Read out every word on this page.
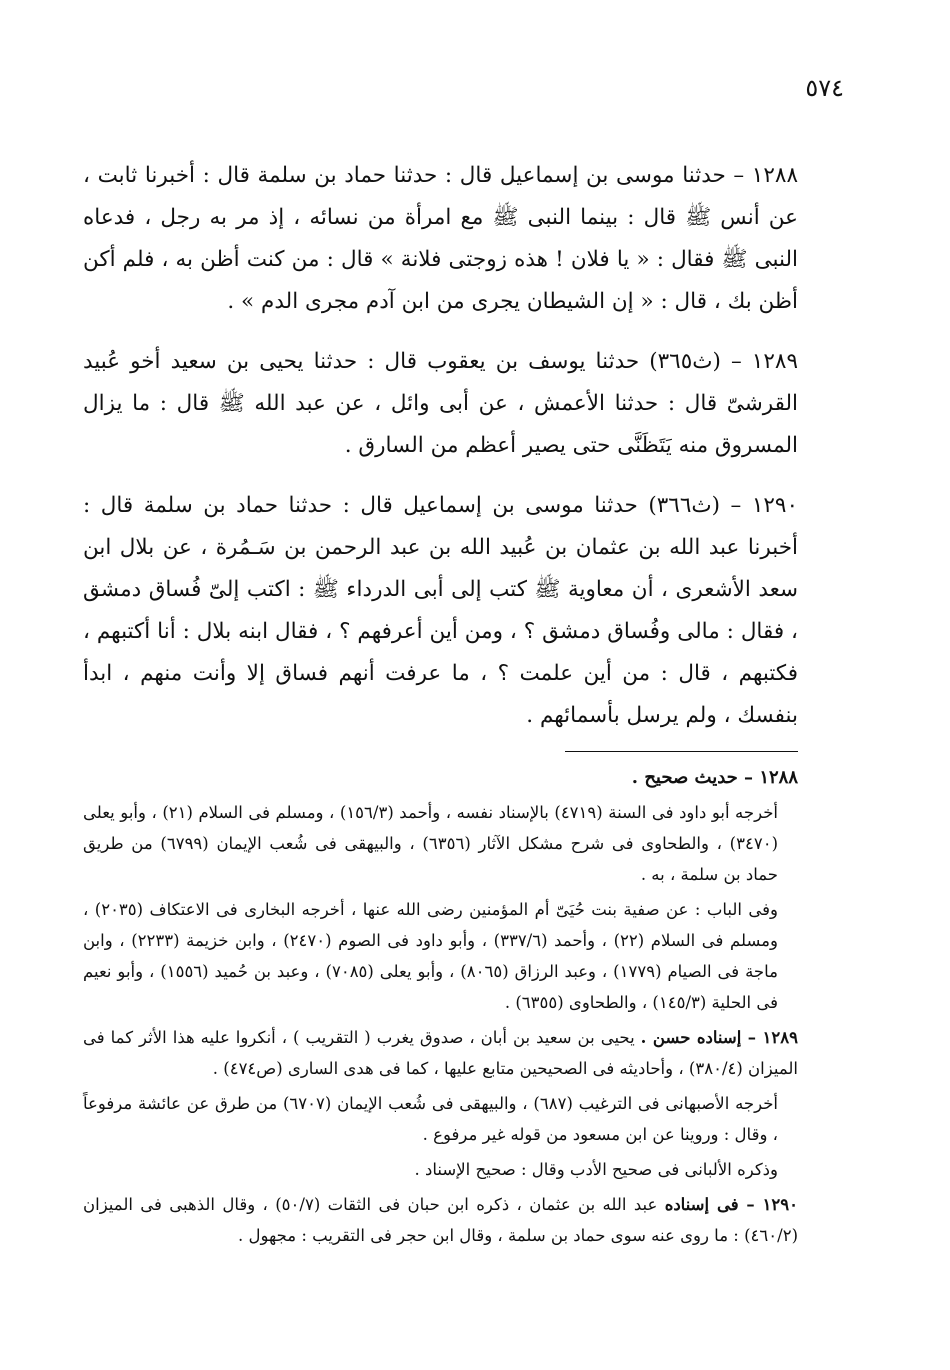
٥٧٤

١٢٨٨ – حدثنا موسى بن إسماعيل قال : حدثنا حماد بن سلمة قال : أخبرنا ثابت ، عن أنس ﷺ قال : بينما النبى ﷺ مع امرأة من نسائه ، إذ مر به رجل ، فدعاه النبى ﷺ فقال : « يا فلان ! هذه زوجتى فلانة » قال : من كنت أظن به ، فلم أكن أظن بك ، قال : « إن الشيطان يجرى من ابن آدم مجرى الدم » .

١٢٨٩ – (ث٣٦٥) حدثنا يوسف بن يعقوب قال : حدثنا يحيى بن سعيد أخو عُبيد القرشىّ قال : حدثنا الأعمش ، عن أبى وائل ، عن عبد الله ﷺ قال : ما يزال المسروق منه يَتَظَنَّى حتى يصير أعظم من السارق .

١٢٩٠ – (ث٣٦٦) حدثنا موسى بن إسماعيل قال : حدثنا حماد بن سلمة قال : أخبرنا عبد الله بن عثمان بن عُبيد الله بن عبد الرحمن بن سَـمُرة ، عن بلال ابن سعد الأشعرى ، أن معاوية ﷺ كتب إلى أبى الدرداء ﷺ : اكتب إلىّ فُساق دمشق ، فقال : مالى وفُساق دمشق ؟ ، ومن أين أعرفهم ؟ ، فقال ابنه بلال : أنا أكتبهم ، فكتبهم ، قال : من أين علمت ؟ ، ما عرفت أنهم فساق إلا وأنت منهم ، ابدأ بنفسك ، ولم يرسل بأسمائهم .

١٢٨٨ – حديث صحيح .

أخرجه أبو داود فى السنة (٤٧١٩) بالإسناد نفسه ، وأحمد (١٥٦/٣) ، ومسلم فى السلام (٢١) ، وأبو يعلى (٣٤٧٠) ، والطحاوى فى شرح مشكل الآثار (٦٣٥٦) ، والبيهقى فى شُعب الإيمان (٦٧٩٩) من طريق حماد بن سلمة ، به .

وفى الباب : عن صفية بنت حُيَىّ أم المؤمنين رضى الله عنها ، أخرجه البخارى فى الاعتكاف (٢٠٣٥) ، ومسلم فى السلام (٢٢) ، وأحمد (٣٣٧/٦) ، وأبو داود فى الصوم (٢٤٧٠) ، وابن خزيمة (٢٢٣٣) ، وابن ماجة فى الصيام (١٧٧٩) ، وعبد الرزاق (٨٠٦٥) ، وأبو يعلى (٧٠٨٥) ، وعبد بن حُميد (١٥٥٦) ، وأبو نعيم فى الحلية (١٤٥/٣) ، والطحاوى (٦٣٥٥) .

١٢٨٩ – إسناده حسن . يحيى بن سعيد بن أبان ، صدوق يغرب ( التقريب ) ، أنكروا عليه هذا الأثر كما فى الميزان (٣٨٠/٤) ، وأحاديثه فى الصحيحين متابع عليها ، كما فى هدى السارى (ص٤٧٤) .

أخرجه الأصبهانى فى الترغيب (٦٨٧) ، والبيهقى فى شُعب الإيمان (٦٧٠٧) من طرق عن عائشة مرفوعاً ، وقال : وروينا عن ابن مسعود من قوله غير مرفوع .

وذكره الألبانى فى صحيح الأدب وقال : صحيح الإسناد .

١٢٩٠ – فى إسناده عبد الله بن عثمان ، ذكره ابن حبان فى الثقات (٥٠/٧) ، وقال الذهبى فى الميزان (٤٦٠/٢) : ما روى عنه سوى حماد بن سلمة ، وقال ابن حجر فى التقريب : مجهول .
